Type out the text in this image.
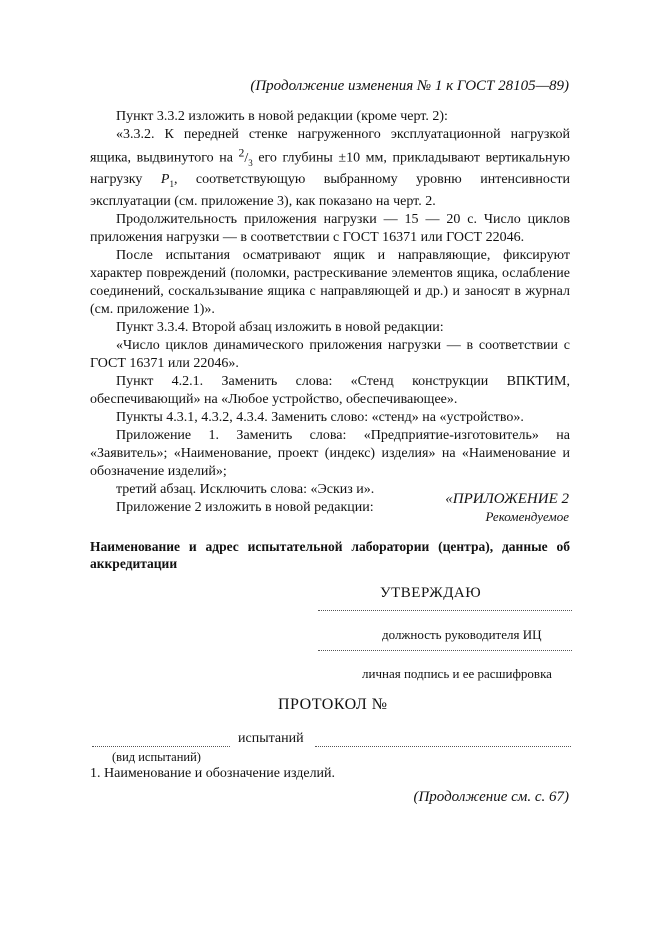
(Продолжение изменения № 1 к ГОСТ 28105—89)

Пункт 3.3.2 изложить в новой редакции (кроме черт. 2):

«3.3.2. К передней стенке нагруженного эксплуатационной нагрузкой ящика, выдвинутого на $^2/_3$ его глубины ±10 мм, прикладывают вертикальную нагрузку $P_1$, соответствующую выбранному уровню интенсивности эксплуатации (см. приложение 3), как показано на черт. 2.

Продолжительность приложения нагрузки — 15 — 20 с. Число циклов приложения нагрузки — в соответствии с ГОСТ 16371 или ГОСТ 22046.

После испытания осматривают ящик и направляющие, фиксируют характер повреждений (поломки, растрескивание элементов ящика, ослабление соединений, соскальзывание ящика с направляющей и др.) и заносят в журнал (см. приложение 1)».

Пункт 3.3.4. Второй абзац изложить в новой редакции:

«Число циклов динамического приложения нагрузки — в соответствии с ГОСТ 16371 или 22046».

Пункт 4.2.1. Заменить слова: «Стенд конструкции ВПКТИМ, обеспечивающий» на «Любое устройство, обеспечивающее».

Пункты 4.3.1, 4.3.2, 4.3.4. Заменить слово: «стенд» на «устройство».

Приложение 1. Заменить слова: «Предприятие-изготовитель» на «Заявитель»; «Наименование, проект (индекс) изделия» на «Наименование и обозначение изделий»;

третий абзац. Исключить слова: «Эскиз и».

Приложение 2 изложить в новой редакции:

«ПРИЛОЖЕНИЕ 2
Рекомендуемое
Наименование и адрес испытательной лаборатории (центра), данные об аккредитации
УТВЕРЖДАЮ
должность руководителя ИЦ
личная подпись и ее расшифровка
ПРОТОКОЛ №
испытаний
(вид испытаний)
1. Наименование и обозначение изделий.
(Продолжение см. с. 67)
